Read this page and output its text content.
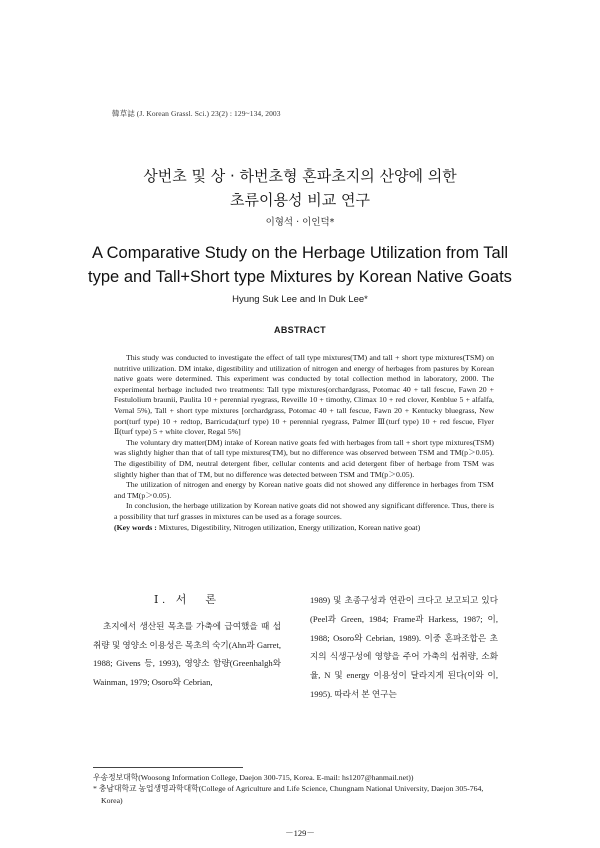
韓草誌 (J. Korean Grassl. Sci.) 23(2) : 129~134, 2003
상번초 및 상 · 하번초형 혼파초지의 산양에 의한
초류이용성 비교 연구
이형석 · 이인덕*
A Comparative Study on the Herbage Utilization from Tall
type and Tall+Short type Mixtures by Korean Native Goats
Hyung Suk Lee and In Duk Lee*
ABSTRACT

This study was conducted to investigate the effect of tall type mixtures(TM) and tall + short type mixtures(TSM) on nutritive utilization. DM intake, digestibility and utilization of nitrogen and energy of herbages from pastures by Korean native goats were determined. This experiment was conducted by total collection method in laboratory, 2000. The experimental herbage included two treatments: Tall type mixtures(orchardgrass, Potomac 40 + tall fescue, Fawn 20 + Festulolium braunii, Paulita 10 + perennial ryegrass, Reveille 10 + timothy, Climax 10 + red clover, Kenblue 5 + alfalfa, Vernal 5%), Tall + short type mixtures [orchardgrass, Potomac 40 + tall fescue, Fawn 20 + Kentucky bluegrass, New port(turf type) 10 + redtop, Barricuda(turf type) 10 + perennial ryegrass, Palmer Ⅲ(turf type) 10 + red fescue, Flyer Ⅱ(turf type) 5 + white clover, Regal 5%]

The voluntary dry matter(DM) intake of Korean native goats fed with herbages from tall + short type mixtures(TSM) was slightly higher than that of tall type mixtures(TM), but no difference was observed between TSM and TM(p＞0.05). The digestibility of DM, neutral detergent fiber, cellular contents and acid detergent fiber of herbage from TSM was slightly higher than that of TM, but no difference was detected between TSM and TM(p＞0.05).

The utilization of nitrogen and energy by Korean native goats did not showed any difference in herbages from TSM and TM(p＞0.05).

In conclusion, the herbage utilization by Korean native goats did not showed any significant difference. Thus, there is a possibility that turf grasses in mixtures can be used as a forage sources.

(Key words : Mixtures, Digestibility, Nitrogen utilization, Energy utilization, Korean native goat)

Ⅰ. 서　론

초지에서 생산된 목초를 가축에 급여했을 때 섭취량 및 영양소 이용성은 목초의 숙기(Ahn과 Garret, 1988; Givens 등, 1993), 영양소 함량(Greenhalgh와 Wainman, 1979; Osoro와 Cebrian,

1989) 및 초종구성과 연관이 크다고 보고되고 있다(Peel과 Green, 1984; Frame과 Harkess, 1987; 이, 1988; Osoro와 Cebrian, 1989). 이중 혼파조합은 초지의 식생구성에 영향을 주어 가축의 섭취량, 소화율, N 및 energy 이용성이 달라지게 된다(이와 이, 1995). 따라서 본 연구는

우송정보대학(Woosong Information College, Daejon 300-715, Korea. E-mail: hs1207@hanmail.net))
* 충남대학교 농업생명과학대학(College of Agriculture and Life Science, Chungnam National University, Daejon 305-764, Korea)
－129－
